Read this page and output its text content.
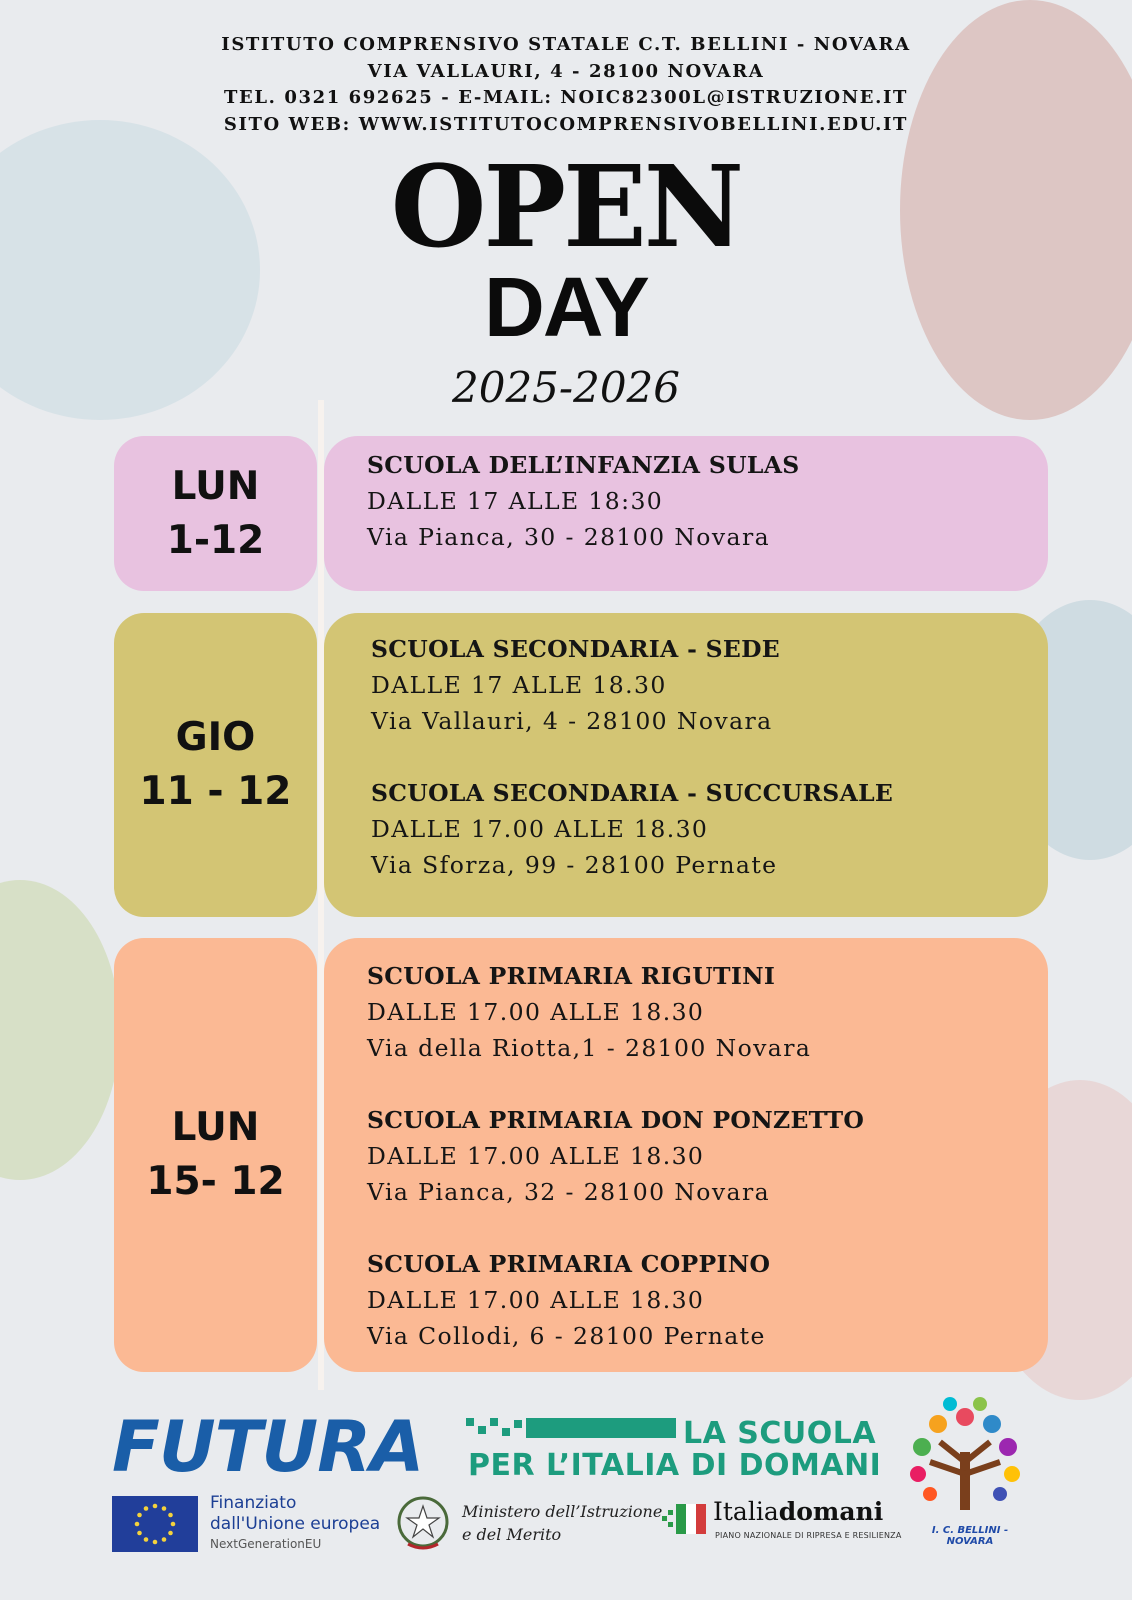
ISTITUTO COMPRENSIVO STATALE C.T. BELLINI - NOVARA
VIA VALLAURI, 4 - 28100 NOVARA
TEL. 0321 692625 - E-MAIL: NOIC82300L@ISTRUZIONE.IT
SITO WEB: WWW.ISTITUTOCOMPRENSIVOBELLINI.EDU.IT
OPEN
DAY
2025-2026
LUN
1-12
SCUOLA DELL’INFANZIA SULAS
DALLE 17 ALLE 18:30
Via Pianca, 30 - 28100 Novara
GIO
11 - 12
SCUOLA SECONDARIA - SEDE
DALLE 17 ALLE 18.30
Via Vallauri, 4 - 28100 Novara
SCUOLA SECONDARIA - SUCCURSALE
DALLE 17.00 ALLE 18.30
Via Sforza, 99 - 28100 Pernate
LUN
15- 12
SCUOLA PRIMARIA RIGUTINI
DALLE 17.00 ALLE 18.30
Via della Riotta,1 - 28100 Novara
SCUOLA PRIMARIA DON PONZETTO
DALLE 17.00 ALLE 18.30
Via Pianca, 32 - 28100 Novara
SCUOLA PRIMARIA COPPINO
DALLE 17.00 ALLE 18.30
Via Collodi, 6 - 28100 Pernate
FUTURA	LA SCUOLA
PER L’ITALIA DI DOMANI
Finanziato
dall'Unione europea
NextGenerationEU
Ministero dell’Istruzione
e del Merito
Italiadomani
PIANO NAZIONALE DI RIPRESA E RESILIENZA	I. C. BELLINI - NOVARA
